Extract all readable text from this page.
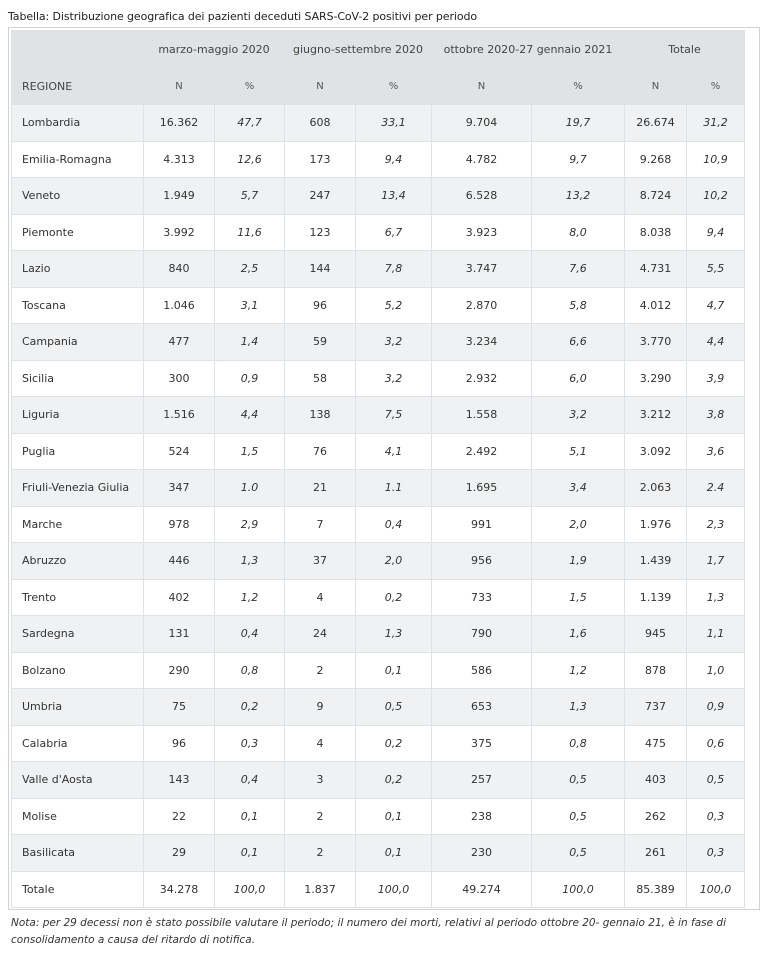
Tabella: Distribuzione geografica dei pazienti deceduti SARS-CoV-2 positivi per periodo
	marzo-maggio 2020		giugno-settembre 2020		ottobre 2020-27 gennaio 2021		Totale	
REGIONE	N	%	N	%	N	%	N	%
Lombardia	16.362	47,7	608	33,1	9.704	19,7	26.674	31,2
Emilia-Romagna	4.313	12,6	173	9,4	4.782	9,7	9.268	10,9
Veneto	1.949	5,7	247	13,4	6.528	13,2	8.724	10,2
Piemonte	3.992	11,6	123	6,7	3.923	8,0	8.038	9,4
Lazio	840	2,5	144	7,8	3.747	7,6	4.731	5,5
Toscana	1.046	3,1	96	5,2	2.870	5,8	4.012	4,7
Campania	477	1,4	59	3,2	3.234	6,6	3.770	4,4
Sicilia	300	0,9	58	3,2	2.932	6,0	3.290	3,9
Liguria	1.516	4,4	138	7,5	1.558	3,2	3.212	3,8
Puglia	524	1,5	76	4,1	2.492	5,1	3.092	3,6
Friuli-Venezia Giulia	347	1.0	21	1.1	1.695	3,4	2.063	2.4
Marche	978	2,9	7	0,4	991	2,0	1.976	2,3
Abruzzo	446	1,3	37	2,0	956	1,9	1.439	1,7
Trento	402	1,2	4	0,2	733	1,5	1.139	1,3
Sardegna	131	0,4	24	1,3	790	1,6	945	1,1
Bolzano	290	0,8	2	0,1	586	1,2	878	1,0
Umbria	75	0,2	9	0,5	653	1,3	737	0,9
Calabria	96	0,3	4	0,2	375	0,8	475	0,6
Valle d'Aosta	143	0,4	3	0,2	257	0,5	403	0,5
Molise	22	0,1	2	0,1	238	0,5	262	0,3
Basilicata	29	0,1	2	0,1	230	0,5	261	0,3
Totale	34.278	100,0	1.837	100,0	49.274	100,0	85.389	100,0
Nota: per 29 decessi non è stato possibile valutare il periodo; il numero dei morti, relativi al periodo ottobre 20- gennaio 21, è in fase di consolidamento a causa del ritardo di notifica.
